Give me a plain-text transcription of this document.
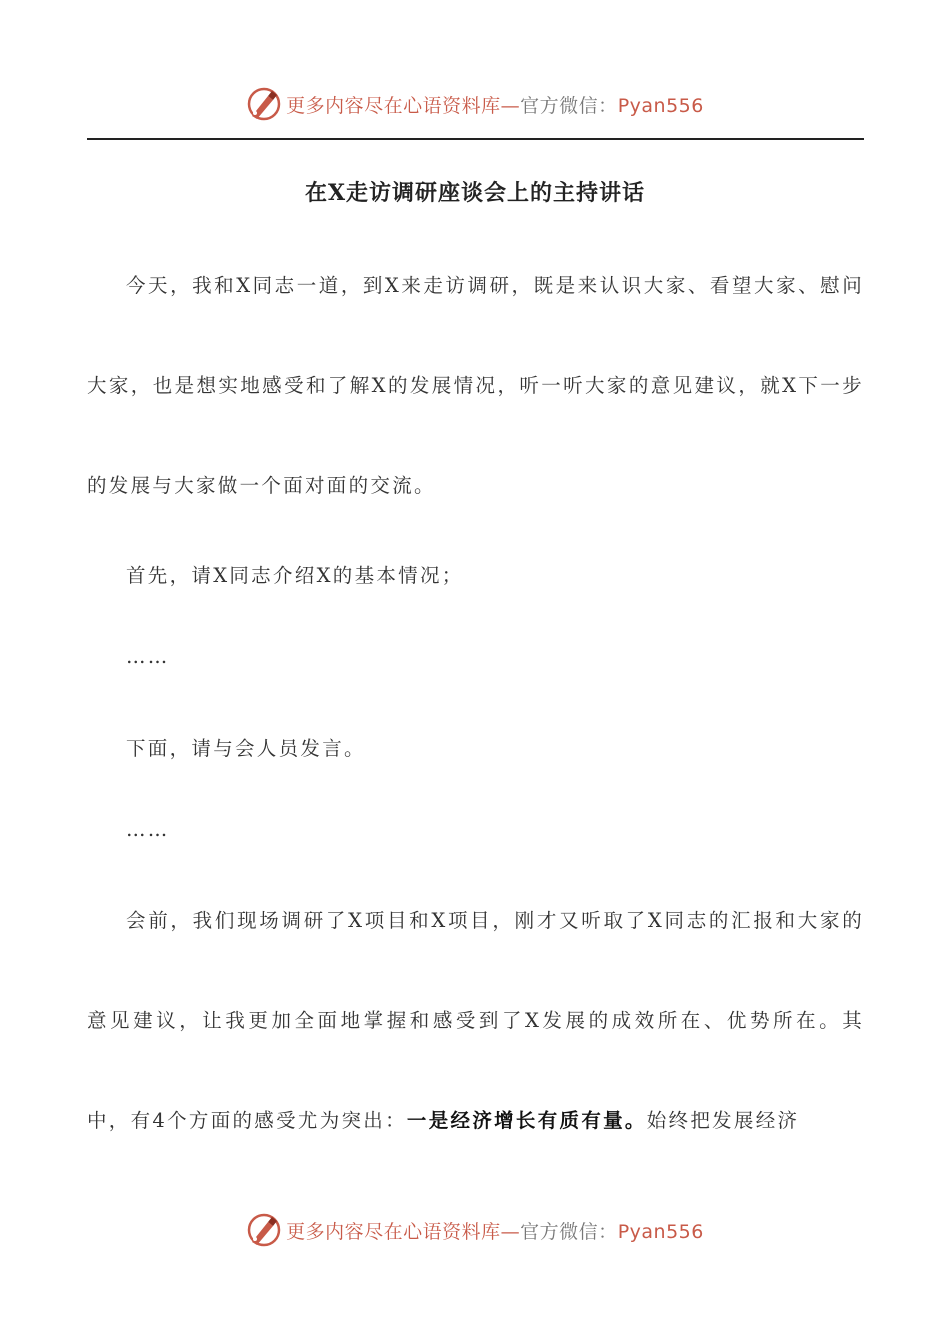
更多内容尽在心语资料库—官方微信：Pyan556
在X走访调研座谈会上的主持讲话

今天，我和X同志一道，到X来走访调研，既是来认识大家、看望大家、慰问大家，也是想实地感受和了解X的发展情况，听一听大家的意见建议，就X下一步的发展与大家做一个面对面的交流。

首先，请X同志介绍X的基本情况；
……
下面，请与会人员发言。
……

会前，我们现场调研了X项目和X项目，刚才又听取了X同志的汇报和大家的意见建议，让我更加全面地掌握和感受到了X发展的成效所在、优势所在。其中，有4个方面的感受尤为突出：一是经济增长有质有量。始终把发展经济

更多内容尽在心语资料库—官方微信：Pyan556
